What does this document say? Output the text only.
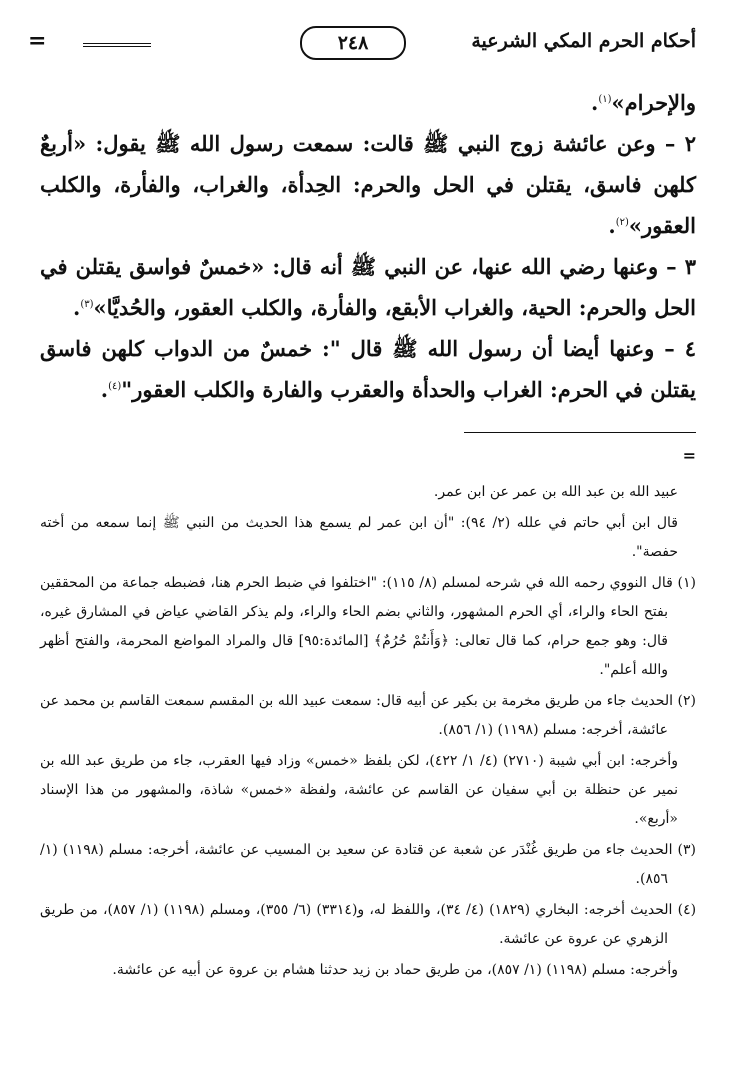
أحكام الحرم المكي الشرعية
٢٤٨
=

والإحرام»$^{(١)}$.

٢ – وعن عائشة زوج النبي ﷺ قالت: سمعت رسول الله ﷺ يقول: «أربعٌ كلهن فاسق، يقتلن في الحل والحرم: الحِدأة، والغراب، والفأرة، والكلب العقور»$^{(٢)}$.

٣ – وعنها رضي الله عنها، عن النبي ﷺ أنه قال: «خمسٌ فواسق يقتلن في الحل والحرم: الحية، والغراب الأبقع، والفأرة، والكلب العقور، والحُديَّا»$^{(٣)}$.

٤ – وعنها أيضا أن رسول الله ﷺ قال ": خمسٌ من الدواب كلهن فاسق يقتلن في الحرم: الغراب والحدأة والعقرب والفارة والكلب العقور"$^{(٤)}$.

=

عبيد الله بن عبد الله بن عمر عن ابن عمر.

قال ابن أبي حاتم في علله (٢/ ٩٤): "أن ابن عمر لم يسمع هذا الحديث من النبي ﷺ إنما سمعه من أخته حفصة".

(١) قال النووي رحمه الله في شرحه لمسلم (٨/ ١١٥): "اختلفوا في ضبط الحرم هنا، فضبطه جماعة من المحققين بفتح الحاء والراء، أي الحرم المشهور، والثاني بضم الحاء والراء، ولم يذكر القاضي عياض في المشارق غيره، قال: وهو جمع حرام، كما قال تعالى: ﴿وَأَنتُمْ حُرُمٌ﴾ [المائدة:٩٥] قال والمراد المواضع المحرمة، والفتح أظهر والله أعلم".

(٢) الحديث جاء من طريق مخرمة بن بكير عن أبيه قال: سمعت عبيد الله بن المقسم سمعت القاسم بن محمد عن عائشة، أخرجه: مسلم (١١٩٨) (١/ ٨٥٦).

وأخرجه: ابن أبي شيبة (٢٧١٠) (٤/ ١/ ٤٢٢)، لكن بلفظ «خمس» وزاد فيها العقرب، جاء من طريق عبد الله بن نمير عن حنظلة بن أبي سفيان عن القاسم عن عائشة، ولفظة «خمس» شاذة، والمشهور من هذا الإسناد «أربع».

(٣) الحديث جاء من طريق غُنْدَر عن شعبة عن قتادة عن سعيد بن المسيب عن عائشة، أخرجه: مسلم (١١٩٨) (١/ ٨٥٦).

(٤) الحديث أخرجه: البخاري (١٨٢٩) (٤/ ٣٤)، واللفظ له، و(٣٣١٤) (٦/ ٣٥٥)، ومسلم (١١٩٨) (١/ ٨٥٧)، من طريق الزهري عن عروة عن عائشة.

وأخرجه: مسلم (١١٩٨) (١/ ٨٥٧)، من طريق حماد بن زيد حدثنا هشام بن عروة عن أبيه عن عائشة.
